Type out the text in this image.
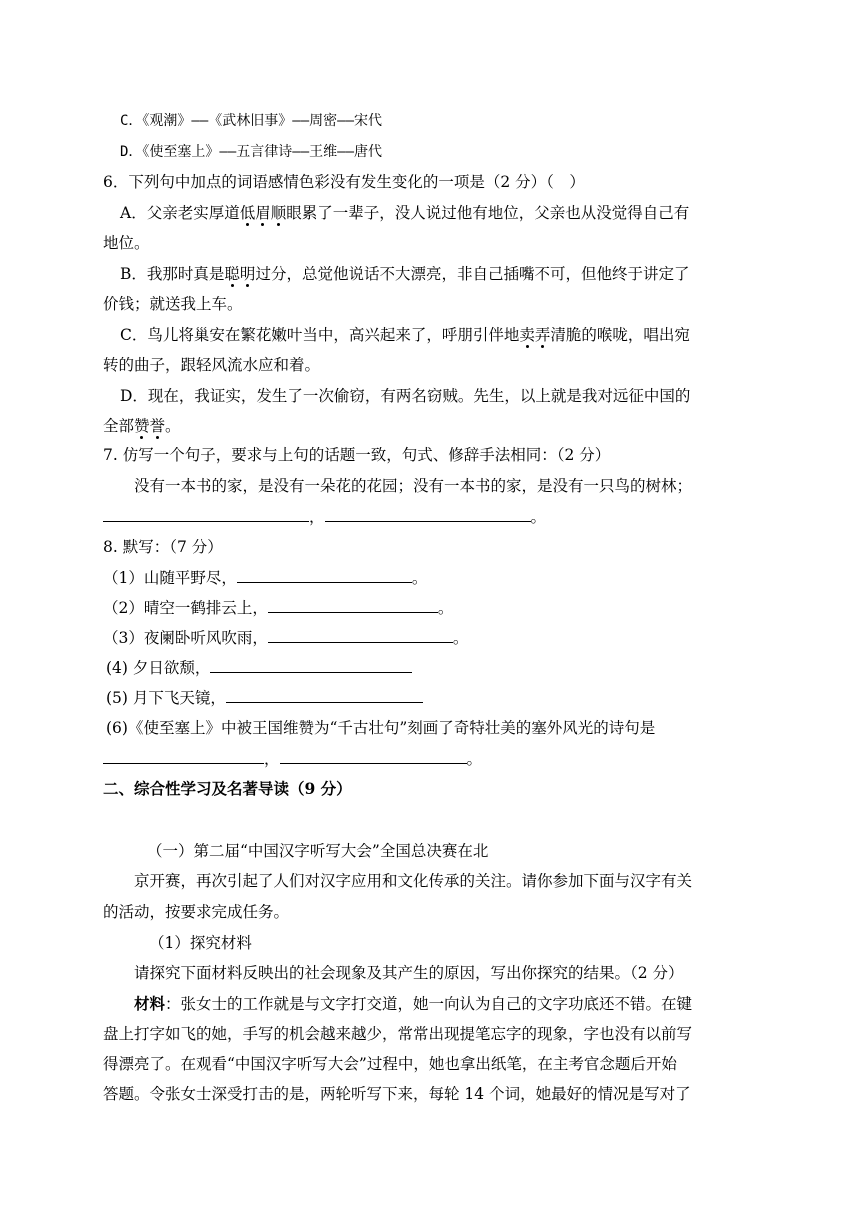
C．《观潮》——《武林旧事》——周密——宋代
D．《使至塞上》——五言律诗——王维——唐代
6．下列句中加点的词语感情色彩没有发生变化的一项是（2 分）（　）
A．父亲老实厚道低眉顺眼累了一辈子，没人说过他有地位，父亲也从没觉得自己有
地位。
B．我那时真是聪明过分，总觉他说话不大漂亮，非自己插嘴不可，但他终于讲定了
价钱；就送我上车。
C．鸟儿将巢安在繁花嫩叶当中，高兴起来了，呼朋引伴地卖弄清脆的喉咙，唱出宛
转的曲子，跟轻风流水应和着。
D．现在，我证实，发生了一次偷窃，有两名窃贼。先生，以上就是我对远征中国的
全部赞誉。
7. 仿写一个句子，要求与上句的话题一致，句式、修辞手法相同：（2 分）
没有一本书的家，是没有一朵花的花园；没有一本书的家，是没有一只鸟的树林；
，	。
8. 默写：（7 分）
（1）山随平野尽，	。
（2）晴空一鹤排云上，	。
（3）夜阑卧听风吹雨，	。
(4) 夕日欲颓，
(5) 月下飞天镜，
(6)《使至塞上》中被王国维赞为“千古壮句”刻画了奇特壮美的塞外风光的诗句是
，	。
二、综合性学习及名著导读（9 分）
（一）第二届“中国汉字听写大会”全国总决赛在北
京开赛，再次引起了人们对汉字应用和文化传承的关注。请你参加下面与汉字有关
的活动，按要求完成任务。
（1）探究材料
请探究下面材料反映出的社会现象及其产生的原因，写出你探究的结果。（2 分）
材料：张女士的工作就是与文字打交道，她一向认为自己的文字功底还不错。在键
盘上打字如飞的她，手写的机会越来越少，常常出现提笔忘字的现象，字也没有以前写
得漂亮了。在观看“中国汉字听写大会”过程中，她也拿出纸笔，在主考官念题后开始
答题。令张女士深受打击的是，两轮听写下来，每轮 14 个词，她最好的情况是写对了
